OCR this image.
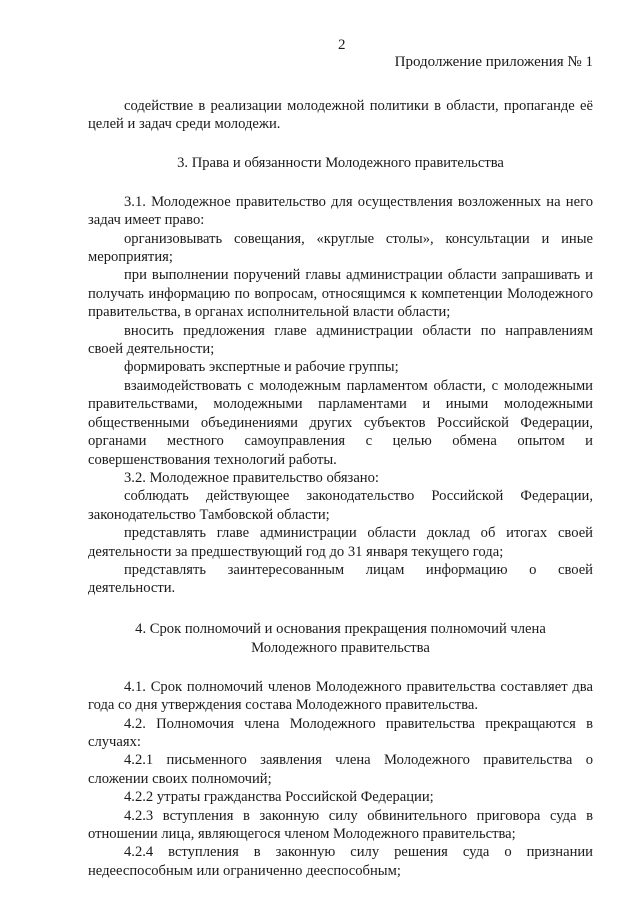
2
Продолжение приложения № 1

содействие в реализации молодежной политики в области, пропаганде её целей и задач среди молодежи.

3. Права и обязанности Молодежного правительства

3.1. Молодежное правительство для осуществления возложенных на него задач имеет право:

организовывать совещания, «круглые столы», консультации и иные мероприятия;

при выполнении поручений главы администрации области запрашивать и получать информацию по вопросам, относящимся к компетенции Молодежного правительства, в органах исполнительной власти области;

вносить предложения главе администрации области по направлениям своей деятельности;

формировать экспертные и рабочие группы;

взаимодействовать с молодежным парламентом области, с молодежными правительствами, молодежными парламентами и иными молодежными общественными объединениями других субъектов Российской Федерации, органами местного самоуправления с целью обмена опытом и совершенствования технологий работы.

3.2. Молодежное правительство обязано:

соблюдать действующее законодательство Российской Федерации, законодательство Тамбовской области;

представлять главе администрации области доклад об итогах своей деятельности за предшествующий год до 31 января текущего года;

представлять заинтересованным лицам информацию о своей деятельности.

4. Срок полномочий и основания прекращения полномочий члена
Молодежного правительства

4.1. Срок полномочий членов Молодежного правительства составляет два года со дня утверждения состава Молодежного правительства.

4.2. Полномочия члена Молодежного правительства прекращаются в случаях:

4.2.1 письменного заявления члена Молодежного правительства о сложении своих полномочий;

4.2.2 утраты гражданства Российской Федерации;

4.2.3 вступления в законную силу обвинительного приговора суда в отношении лица, являющегося членом Молодежного правительства;

4.2.4 вступления в законную силу решения суда о признании недееспособным или ограниченно дееспособным;
